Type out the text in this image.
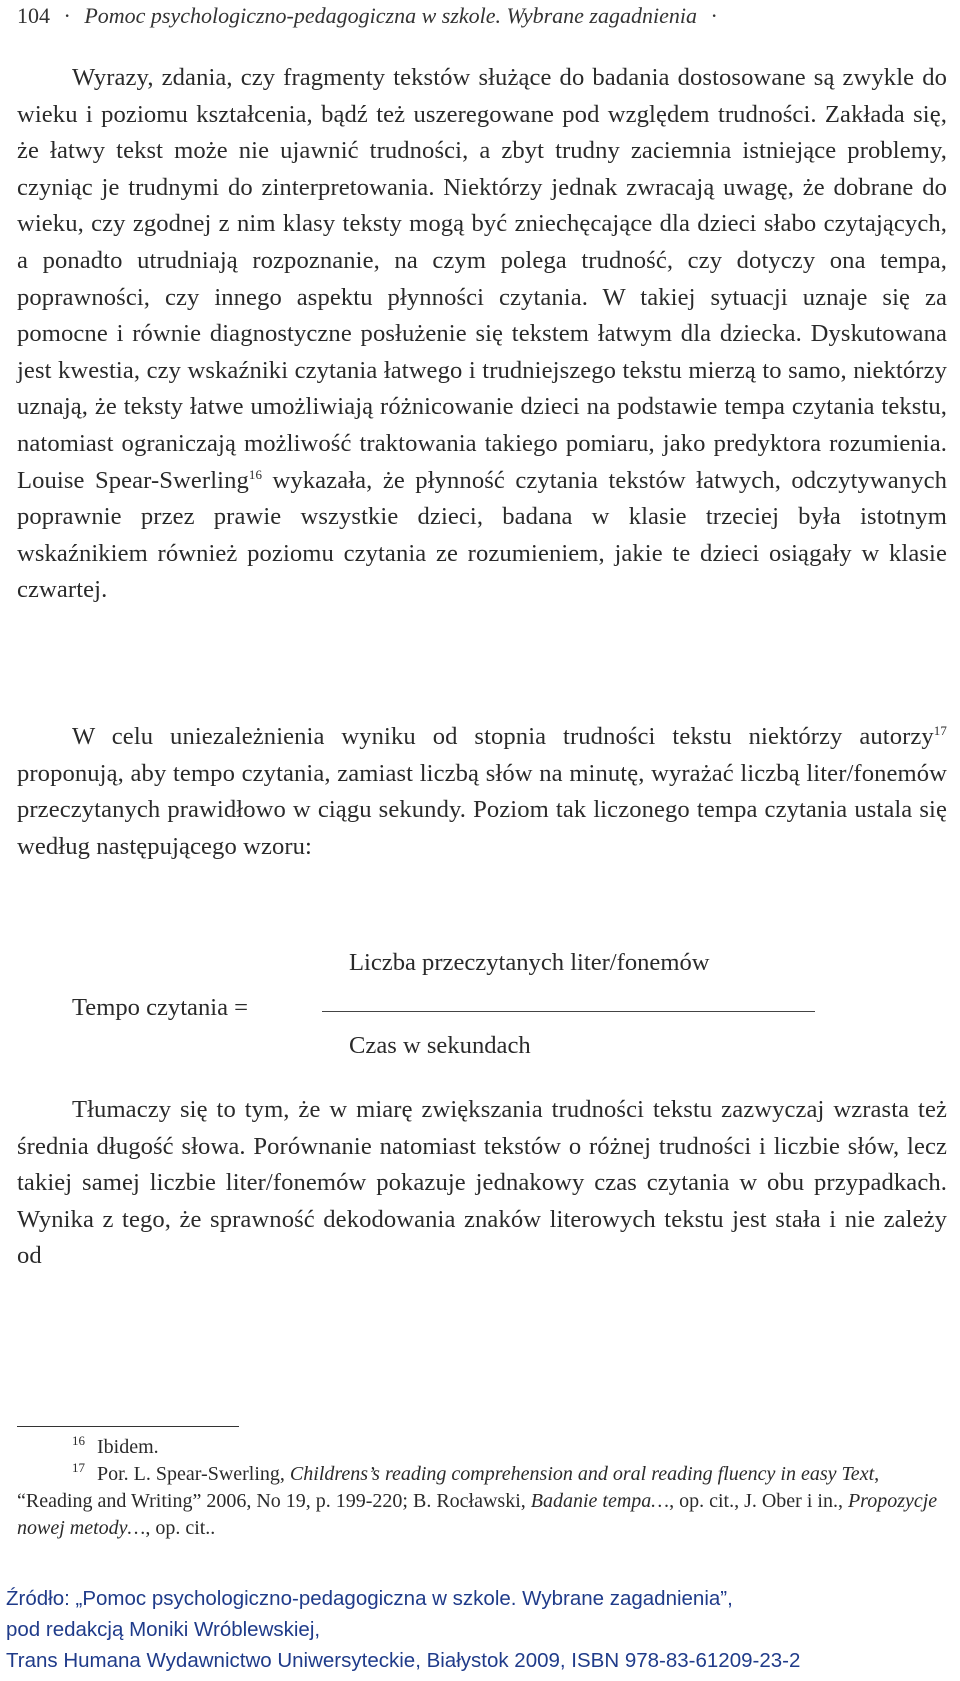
104 · Pomoc psychologiczno-pedagogiczna w szkole. Wybrane zagadnienia ·

Wyrazy, zdania, czy fragmenty tekstów służące do badania dostosowane są zwykle do wieku i poziomu kształcenia, bądź też uszeregowane pod względem trudności. Zakłada się, że łatwy tekst może nie ujawnić trudności, a zbyt trudny zaciemnia istniejące problemy, czyniąc je trudnymi do zinterpretowania. Niektórzy jednak zwracają uwagę, że dobrane do wieku, czy zgodnej z nim klasy teksty mogą być zniechęcające dla dzieci słabo czytających, a ponadto utrudniają rozpoznanie, na czym polega trudność, czy dotyczy ona tempa, poprawności, czy innego aspektu płynności czytania. W takiej sytuacji uznaje się za pomocne i równie diagnostyczne posłużenie się tekstem łatwym dla dziecka. Dyskutowana jest kwestia, czy wskaźniki czytania łatwego i trudniejszego tekstu mierzą to samo, niektórzy uznają, że teksty łatwe umożliwiają różnicowanie dzieci na podstawie tempa czytania tekstu, natomiast ograniczają możliwość traktowania takiego pomiaru, jako predyktora rozumienia. Louise Spear-Swerling$^{16}$ wykazała, że płynność czytania tekstów łatwych, odczytywanych poprawnie przez prawie wszystkie dzieci, badana w klasie trzeciej była istotnym wskaźnikiem również poziomu czytania ze rozumieniem, jakie te dzieci osiągały w klasie czwartej.

W celu uniezależnienia wyniku od stopnia trudności tekstu niektórzy autorzy$^{17}$ proponują, aby tempo czytania, zamiast liczbą słów na minutę, wyrażać liczbą liter/fonemów przeczytanych prawidłowo w ciągu sekundy. Poziom tak liczonego tempa czytania ustala się według następującego wzoru:

Tempo czytania =
Liczba przeczytanych liter/fonemów
Czas w sekundach

Tłumaczy się to tym, że w miarę zwiększania trudności tekstu zazwyczaj wzrasta też średnia długość słowa. Porównanie natomiast tekstów o różnej trudności i liczbie słów, lecz takiej samej liczbie liter/fonemów pokazuje jednakowy czas czytania w obu przypadkach. Wynika z tego, że sprawność dekodowania znaków literowych tekstu jest stała i nie zależy od

$^{16}$ Ibidem.

$^{17}$ Por. L. Spear-Swerling, Childrens’s reading comprehension and oral reading fluency in easy Text, “Reading and Writing” 2006, No 19, p. 199-220; B. Rocławski, Badanie tempa…, op. cit., J. Ober i in., Propozycje nowej metody…, op. cit..

Źródło: „Pomoc psychologiczno-pedagogiczna w szkole. Wybrane zagadnienia”,
pod redakcją Moniki Wróblewskiej,
Trans Humana Wydawnictwo Uniwersyteckie, Białystok 2009, ISBN 978-83-61209-23-2
